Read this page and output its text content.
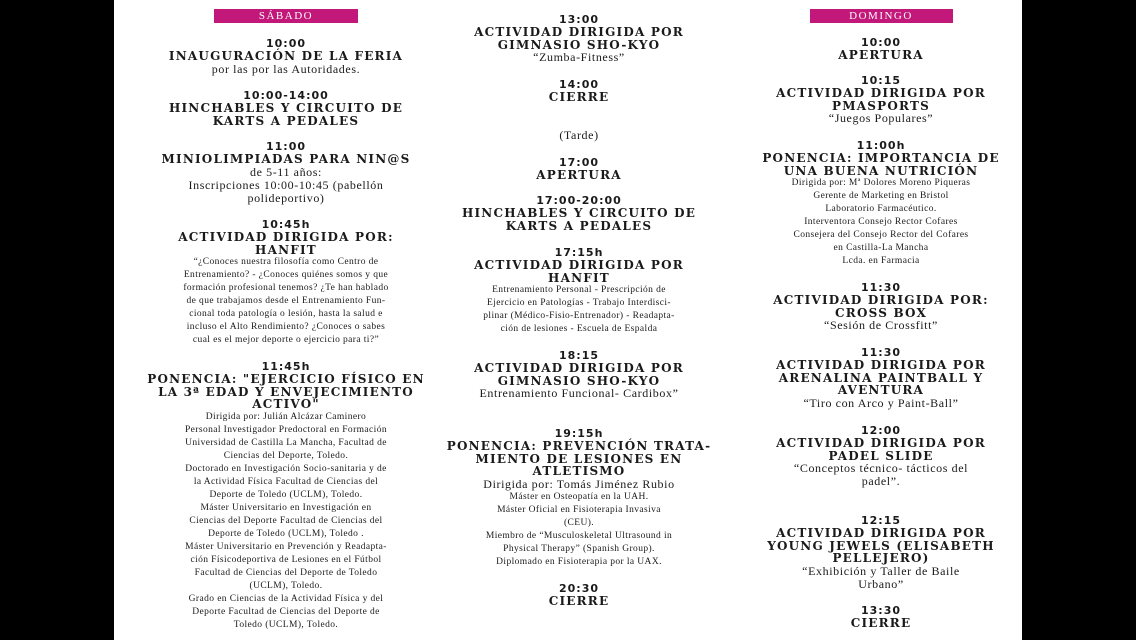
SÁBADO
10:00
INAUGURACIÓN DE LA FERIA
por las por las Autoridades.
10:00-14:00
HINCHABLES Y CIRCUITO DE
KARTS A PEDALES
11:00
MINIOLIMPIADAS PARA NIN@S
de 5-11 años:
Inscripciones 10:00-10:45 (pabellón
polideportivo)
10:45h
ACTIVIDAD DIRIGIDA POR:
HANFIT
“¿Conoces nuestra filosofía como Centro de
Entrenamiento? - ¿Conoces quiénes somos y que
formación profesional tenemos? ¿Te han hablado
de que trabajamos desde el Entrenamiento Fun-
cional toda patología o lesión, hasta la salud e
incluso el Alto Rendimiento? ¿Conoces o sabes
cual es el mejor deporte o ejercicio para ti?”
11:45h
PONENCIA: "EJERCICIO FÍSICO EN
LA 3ª EDAD Y ENVEJECIMIENTO
ACTIVO"
Dirigida por: Julián Alcázar Caminero
Personal Investigador Predoctoral en Formación
Universidad de Castilla La Mancha, Facultad de
Ciencias del Deporte, Toledo.
Doctorado en Investigación Socio-sanitaria y de
la Actividad Física Facultad de Ciencias del
Deporte de Toledo (UCLM), Toledo.
Máster Universitario en Investigación en
Ciencias del Deporte Facultad de Ciencias del
Deporte de Toledo (UCLM), Toledo .
Máster Universitario en Prevención y Readapta-
ción Físicodeportiva de Lesiones en el Fútbol
Facultad de Ciencias del Deporte de Toledo
(UCLM), Toledo.
Grado en Ciencias de la Actividad Física y del
Deporte Facultad de Ciencias del Deporte de
Toledo (UCLM), Toledo.
13:00
ACTIVIDAD DIRIGIDA POR
GIMNASIO SHO-KYO
“Zumba-Fitness”
14:00
CIERRE
(Tarde)
17:00
APERTURA
17:00-20:00
HINCHABLES Y CIRCUITO DE
KARTS A PEDALES
17:15h
ACTIVIDAD DIRIGIDA POR
HANFIT
Entrenamiento Personal - Prescripción de
Ejercicio en Patologías - Trabajo Interdisci-
plinar (Médico-Fisio-Entrenador) - Readapta-
ción de lesiones - Escuela de Espalda
18:15
ACTIVIDAD DIRIGIDA POR
GIMNASIO SHO-KYO
Entrenamiento Funcional- Cardibox”
19:15h
PONENCIA: PREVENCIÓN TRATA-
MIENTO DE LESIONES EN
ATLETISMO
Dirigida por: Tomás Jiménez Rubio
Máster en Osteopatía en la UAH.
Máster Oficial en Fisioterapia Invasiva
(CEU).
Miembro de “Musculoskeletal Ultrasound in
Physical Therapy” (Spanish Group).
Diplomado en Fisioterapia por la UAX.
20:30
CIERRE
DOMINGO
10:00
APERTURA
10:15
ACTIVIDAD DIRIGIDA POR
PMASPORTS
“Juegos Populares”
11:00h
PONENCIA: IMPORTANCIA DE
UNA BUENA NUTRICIÓN
Dirigida por: Mª Dolores Moreno Piqueras
Gerente de Marketing en Bristol
Laboratorio Farmacéutico.
Interventora Consejo Rector Cofares
Consejera del Consejo Rector del Cofares
en Castilla-La Mancha
Lcda. en Farmacia
11:30
ACTIVIDAD DIRIGIDA POR:
CROSS BOX
“Sesión de Crossfitt”
11:30
ACTIVIDAD DIRIGIDA POR
ARENALINA PAINTBALL Y
AVENTURA
“Tiro con Arco y Paint-Ball”
12:00
ACTIVIDAD DIRIGIDA POR
PADEL SLIDE
“Conceptos técnico- tácticos del
padel”.
12:15
ACTIVIDAD DIRIGIDA POR
YOUNG JEWELS (ELISABETH
PELLEJERO)
“Exhibición y Taller de Baile
Urbano”
13:30
CIERRE
